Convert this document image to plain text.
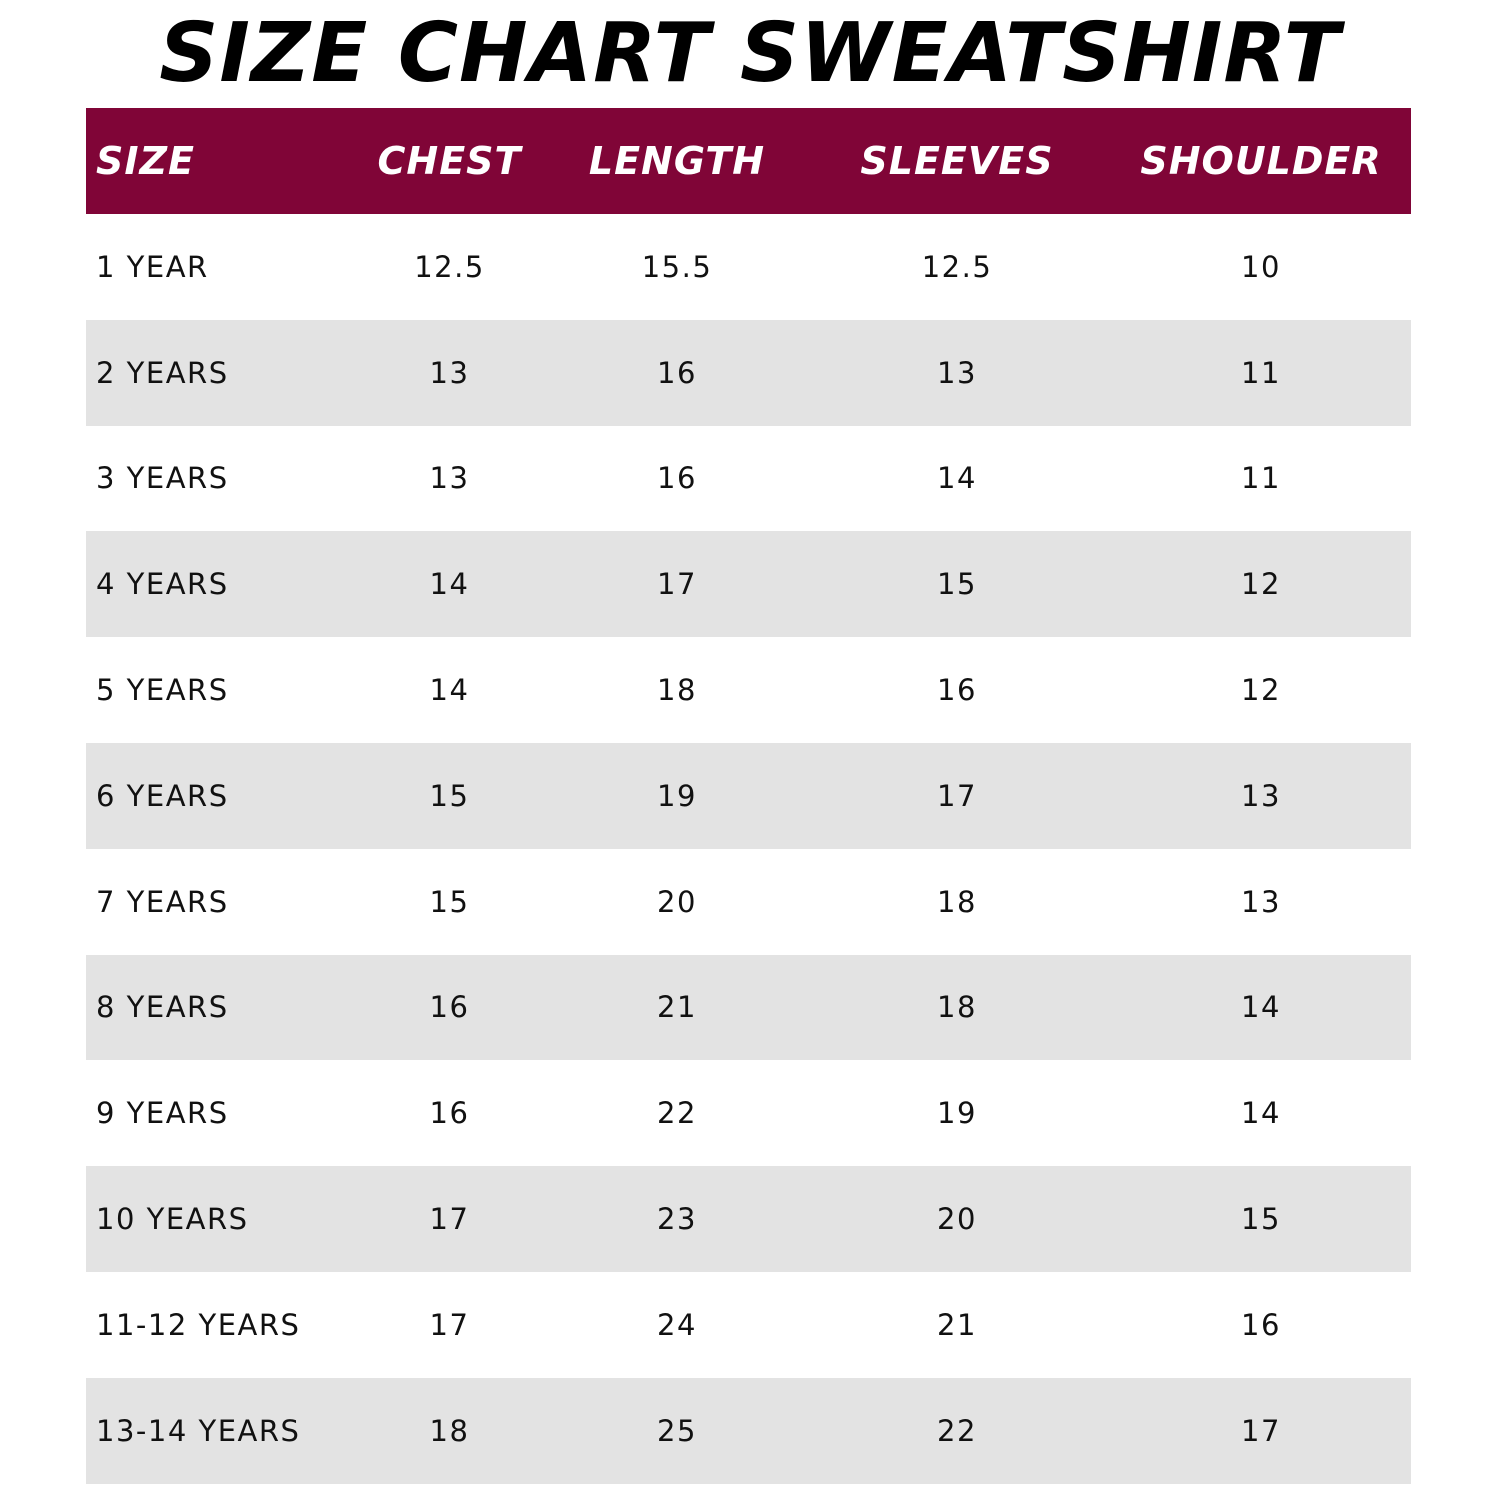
SIZE CHART SWEATSHIRT
SIZE	CHEST	LENGTH	SLEEVES	SHOULDER
1 YEAR	12.5	15.5	12.5	10
2 YEARS	13	16	13	11
3 YEARS	13	16	14	11
4 YEARS	14	17	15	12
5 YEARS	14	18	16	12
6 YEARS	15	19	17	13
7 YEARS	15	20	18	13
8 YEARS	16	21	18	14
9 YEARS	16	22	19	14
10 YEARS	17	23	20	15
11-12 YEARS	17	24	21	16
13-14 YEARS	18	25	22	17
